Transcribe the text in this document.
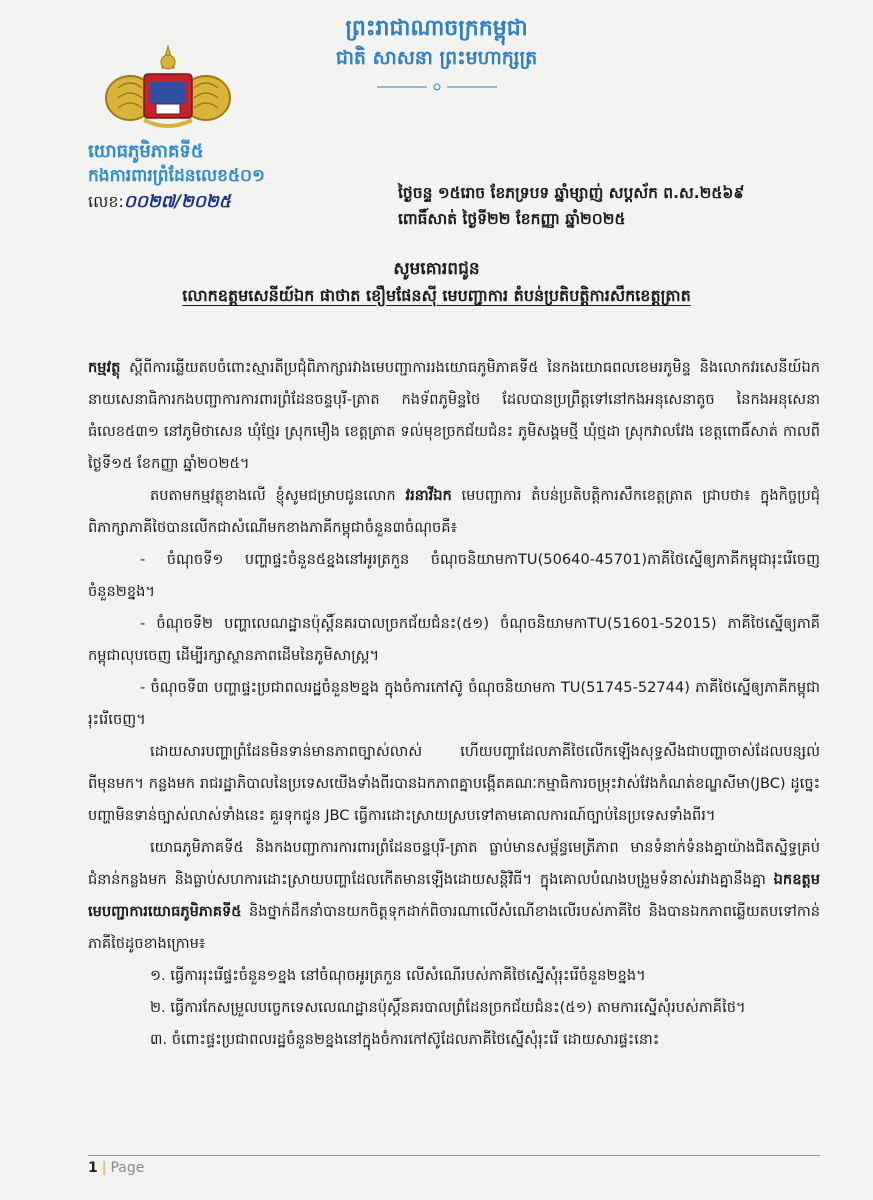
ព្រះរាជាណាចក្រកម្ពុជា
ជាតិ សាសនា ព្រះមហាក្សត្រ
យោធភូមិភាគទី៥
កងការពារព្រំដែនលេខ៥០១
លេខ:០០២៧/២០២៥	ថ្ងៃចន្ទ ១៥រោច ខែភទ្របទ ឆ្នាំម្សាញ់ សប្តស័ក ព.ស.២៥៦៩
ពោធិ៍សាត់ ថ្ងៃទី២២ ខែកញ្ញា ឆ្នាំ២០២៥
សូមគោរពជូន
លោកឧត្តមសេនីយ៍ឯក ផាថាត ខឿមផែនស៊ី មេបញ្ជាការ តំបន់ប្រតិបត្តិការសឹកខេត្តត្រាត

កម្មវត្ថុ ស្តីពីការឆ្លើយតបចំពោះស្មារតីប្រជុំពិភាក្សារវាងមេបញ្ជាការរងយោធភូមិភាគទី៥ នៃកងយោធពលខេមរភូមិន្ទ និងលោកវរសេនីយ៍ឯកនាយសេនាធិការកងបញ្ជាការការពារព្រំដែនចន្ទបុរី-ត្រាត កងទ័ពភូមិន្ទថៃ ដែលបានប្រព្រឹត្តទៅនៅកងអនុសេនាតូច នៃកងអនុសេនាធំលេខ៥៣១ នៅភូមិថាសេន ឃុំថ្មែរ ស្រុកមឿង ខេត្តត្រាត ទល់មុខច្រកជ័យជំនះ ភូមិសង្គមថ្មី ឃុំថ្មដា ស្រុកវាលវែង ខេត្តពោធិ៍សាត់ កាលពីថ្ងៃទី១៥ ខែកញ្ញា ឆ្នាំ២០២៥។

តបតាមកម្មវត្ថុខាងលើ ខ្ញុំសូមជម្រាបជូនលោក វរនាវីឯក មេបញ្ជាការ តំបន់ប្រតិបត្តិការសឹកខេត្តត្រាត ជ្រាបថា៖ ក្នុងកិច្ចប្រជុំពិភាក្សាភាគីថៃបានលើកជាសំណើមកខាងភាគីកម្ពុជាចំនួន៣ចំណុចគឺ៖

- ចំណុចទី១ បញ្ហាផ្ទះចំនួន៥ខ្នងនៅអូរត្រកួន ចំណុចនិយាមកាTU(50640-45701)ភាគីថៃស្នើឲ្យភាគីកម្ពុជារុះរើចេញចំនួន២ខ្នង។

- ចំណុចទី២ បញ្ហាលេណដ្ឋានប៉ុស្តិ៍នគរបាលច្រកជ័យជំនះ(៥១) ចំណុចនិយាមកាTU(51601-52015) ភាគីថៃស្នើឲ្យភាគីកម្ពុជាលុបចេញ ដើម្បីរក្សាស្ថានភាពដើមនៃភូមិសាស្ត្រ។

- ចំណុចទី៣ បញ្ហាផ្ទះប្រជាពលរដ្ឋចំនួន២ខ្នង ក្នុងចំការកៅស៊ូ ចំណុចនិយាមកា TU(51745-52744) ភាគីថៃស្នើឲ្យភាគីកម្ពុជារុះរើចេញ។

ដោយសារបញ្ហាព្រំដែនមិនទាន់មានភាពច្បាស់លាស់ ហើយបញ្ហាដែលភាគីថៃលើកឡើងសុទ្ធសឹងជាបញ្ហាចាស់ដែលបន្សល់ពីមុនមក។ កន្លងមក រាជរដ្ឋាភិបាលនៃប្រទេសយើងទាំងពីរបានឯកភាពគ្នាបង្កើតគណៈកម្មាធិការចម្រុះវាស់វែងកំណត់ខណ្ឌសីមា(JBC) ដូច្នេះបញ្ហាមិនទាន់ច្បាស់លាស់ទាំងនេះ គួរទុកជូន JBC ធ្វើការដោះស្រាយស្របទៅតាមគោលការណ៍ច្បាប់នៃប្រទេសទាំងពីរ។

យោធភូមិភាគទី៥ និងកងបញ្ជាការការពារព្រំដែនចន្ទបុរី-ត្រាត ធ្លាប់មានសម្ព័ន្ធមេត្រីភាព មានទំនាក់ទំនងគ្នាយ៉ាងជិតស្និទ្ធគ្រប់ជំនាន់កន្លងមក និងធ្លាប់សហការដោះស្រាយបញ្ហាដែលកើតមានឡើងដោយសន្តិវិធី។ ក្នុងគោលបំណងបង្រួមទំនាស់រវាងគ្នានឹងគ្នា ឯកឧត្តម មេបញ្ជាការយោធភូមិភាគទី៥ និងថ្នាក់ដឹកនាំបានយកចិត្តទុកដាក់ពិចារណាលើសំណើខាងលើរបស់ភាគីថៃ និងបានឯកភាពឆ្លើយតបទៅកាន់ភាគីថៃដូចខាងក្រោម៖

១. ធ្វើការរុះរើផ្ទះចំនួន១ខ្នង នៅចំណុចអូរត្រកួន លើសំណើរបស់ភាគីថៃស្នើសុំរុះរើចំនួន២ខ្នង។

២. ធ្វើការកែសម្រួលបច្ចេកទេសលេណដ្ឋានប៉ុស្តិ៍នគរបាលព្រំដែនច្រកជ័យជំនះ(៥១) តាមការស្នើសុំរបស់ភាគីថៃ។

៣. ចំពោះផ្ទះប្រជាពលរដ្ឋចំនួន២ខ្នងនៅក្នុងចំការកៅស៊ូដែលភាគីថៃស្នើសុំរុះរើ ដោយសារផ្ទះនោះ

1 | Page
